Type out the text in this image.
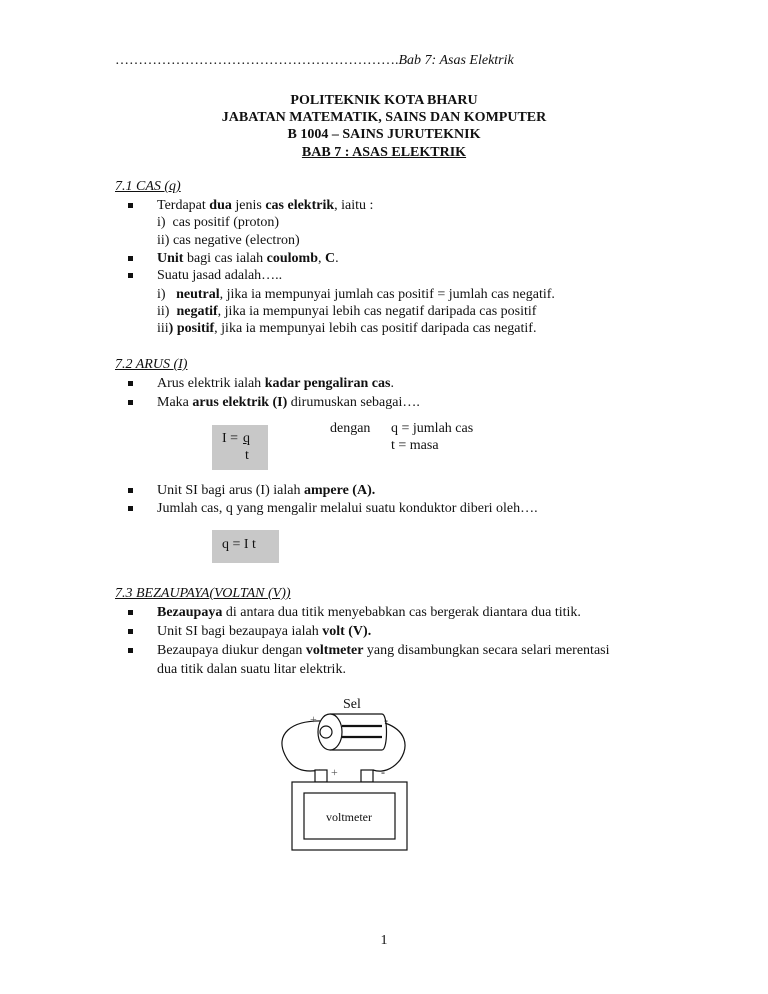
…………………………………………………….Bab 7: Asas Elektrik
POLITEKNIK KOTA BHARU
JABATAN MATEMATIK, SAINS DAN KOMPUTER
B 1004 – SAINS JURUTEKNIK
BAB 7 : ASAS ELEKTRIK
7.1 CAS (q)
Terdapat dua jenis cas elektrik, iaitu :
i)  cas positif (proton)
ii) cas negative (electron)
Unit bagi cas ialah coulomb, C.
Suatu jasad adalah…..
i)   neutral, jika ia mempunyai jumlah cas positif = jumlah cas negatif.
ii)  negatif, jika ia mempunyai lebih cas negatif daripada cas positif
iii) positif, jika ia mempunyai lebih cas positif daripada cas negatif.
7.2 ARUS (I)
Arus elektrik ialah kadar pengaliran cas.
Maka arus elektrik (I) dirumuskan sebagai….
I = q
t
dengan q = jumlah cas
t = masa
Unit SI bagi arus (I) ialah ampere (A).
Jumlah cas, q yang mengalir melalui suatu konduktor diberi oleh….
q = I t
7.3 BEZAUPAYA(VOLTAN (V))
Bezaupaya di antara dua titik menyebabkan cas bergerak diantara dua titik.
Unit SI bagi bezaupaya ialah volt (V).
Bezaupaya diukur dengan voltmeter yang disambungkan secara selari merentasi
dua titik dalan suatu litar elektrik.
Sel
+	-
+	-
voltmeter
1
